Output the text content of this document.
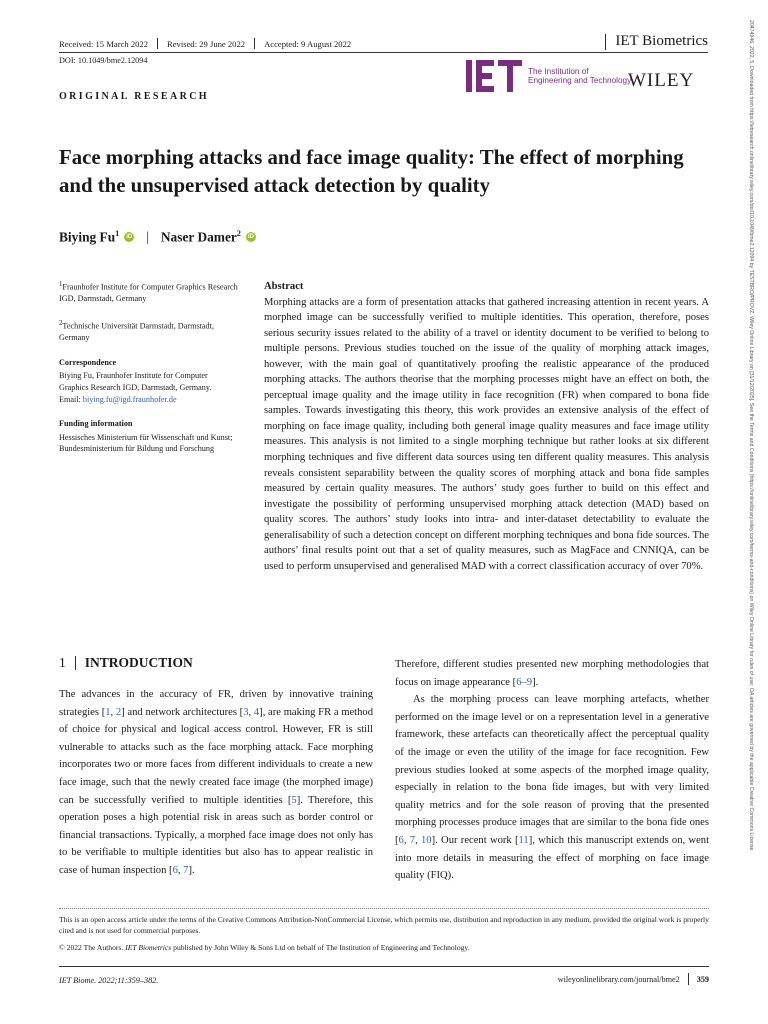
Received: 15 March 2022 Revised: 29 June 2022 Accepted: 9 August 2022	IET Biometrics
DOI: 10.1049/bme2.12094
ORIGINAL RESEARCH
The Institution of
Engineering and Technology
WILEY
Face morphing attacks and face image quality: The effect of morphing and the unsupervised attack detection by quality
Biying Fu$^1$	iD | Naser Damer$^2$	iD
$^1$Fraunhofer Institute for Computer Graphics Research IGD, Darmstadt, Germany
$^2$Technische Universität Darmstadt, Darmstadt, Germany
Correspondence
Biying Fu, Fraunhofer Institute for Computer Graphics Research IGD, Darmstadt, Germany.
Email: biying.fu@igd.fraunhofer.de
Funding information
Hessisches Ministerium für Wissenschaft und Kunst; Bundesministerium für Bildung und Forschung
Abstract
Morphing attacks are a form of presentation attacks that gathered increasing attention in recent years. A morphed image can be successfully verified to multiple identities. This operation, therefore, poses serious security issues related to the ability of a travel or identity document to be verified to belong to multiple persons. Previous studies touched on the issue of the quality of morphing attack images, however, with the main goal of quantitatively proofing the realistic appearance of the produced morphing attacks. The authors theorise that the morphing processes might have an effect on both, the perceptual image quality and the image utility in face recognition (FR) when compared to bona fide samples. Towards investigating this theory, this work provides an extensive analysis of the effect of morphing on face image quality, including both general image quality measures and face image utility measures. This analysis is not limited to a single morphing technique but rather looks at six different morphing techniques and five different data sources using ten different quality measures. This analysis reveals consistent separability between the quality scores of morphing attack and bona fide samples measured by certain quality measures. The authors’ study goes further to build on this effect and investigate the possibility of performing unsupervised morphing attack detection (MAD) based on quality scores. The authors’ study looks into intra- and inter-dataset detectability to evaluate the generalisability of such a detection concept on different morphing techniques and bona fide sources. The authors’ final results point out that a set of quality measures, such as MagFace and CNNIQA, can be used to perform unsupervised and generalised MAD with a correct classification accuracy of over 70%.
1 INTRODUCTION

The advances in the accuracy of FR, driven by innovative training strategies [1, 2] and network architectures [3, 4], are making FR a method of choice for physical and logical access control. However, FR is still vulnerable to attacks such as the face morphing attack. Face morphing incorporates two or more faces from different individuals to create a new face image, such that the newly created face image (the morphed image) can be successfully verified to multiple identities [5]. Therefore, this operation poses a high potential risk in areas such as border control or financial transactions. Typically, a morphed face image does not only has to be verifiable to multiple identities but also has to appear realistic in case of human inspection [6, 7].

Therefore, different studies presented new morphing methodologies that focus on image appearance [6–9].

As the morphing process can leave morphing artefacts, whether performed on the image level or on a representation level in a generative framework, these artefacts can theoretically affect the perceptual quality of the image or even the utility of the image for face recognition. Few previous studies looked at some aspects of the morphed image quality, especially in relation to the bona fide images, but with very limited quality metrics and for the sole reason of proving that the presented morphing processes produce images that are similar to the bona fide ones [6, 7, 10]. Our recent work [11], which this manuscript extends on, went into more details in measuring the effect of morphing on face image quality (FIQ).

This is an open access article under the terms of the Creative Commons Attribution-NonCommercial License, which permits use, distribution and reproduction in any medium, provided the original work is properly cited and is not used for commercial purposes.

© 2022 The Authors. IET Biometrics published by John Wiley & Sons Ltd on behalf of The Institution of Engineering and Technology.

IET Biome. 2022;11:359–382.	wileyonlinelibrary.com/journal/bme2 359
20474946, 2022, 5, Downloaded from https://ietresearch.onlinelibrary.wiley.com/doi/10.1049/bme2.12094 by TESTBRO/PROVZ, Wiley Online Library on [31/12/2025]. See the Terms and Conditions (https://onlinelibrary.wiley.com/terms-and-conditions) on Wiley Online Library for rules of use; OA articles are governed by the applicable Creative Commons License
